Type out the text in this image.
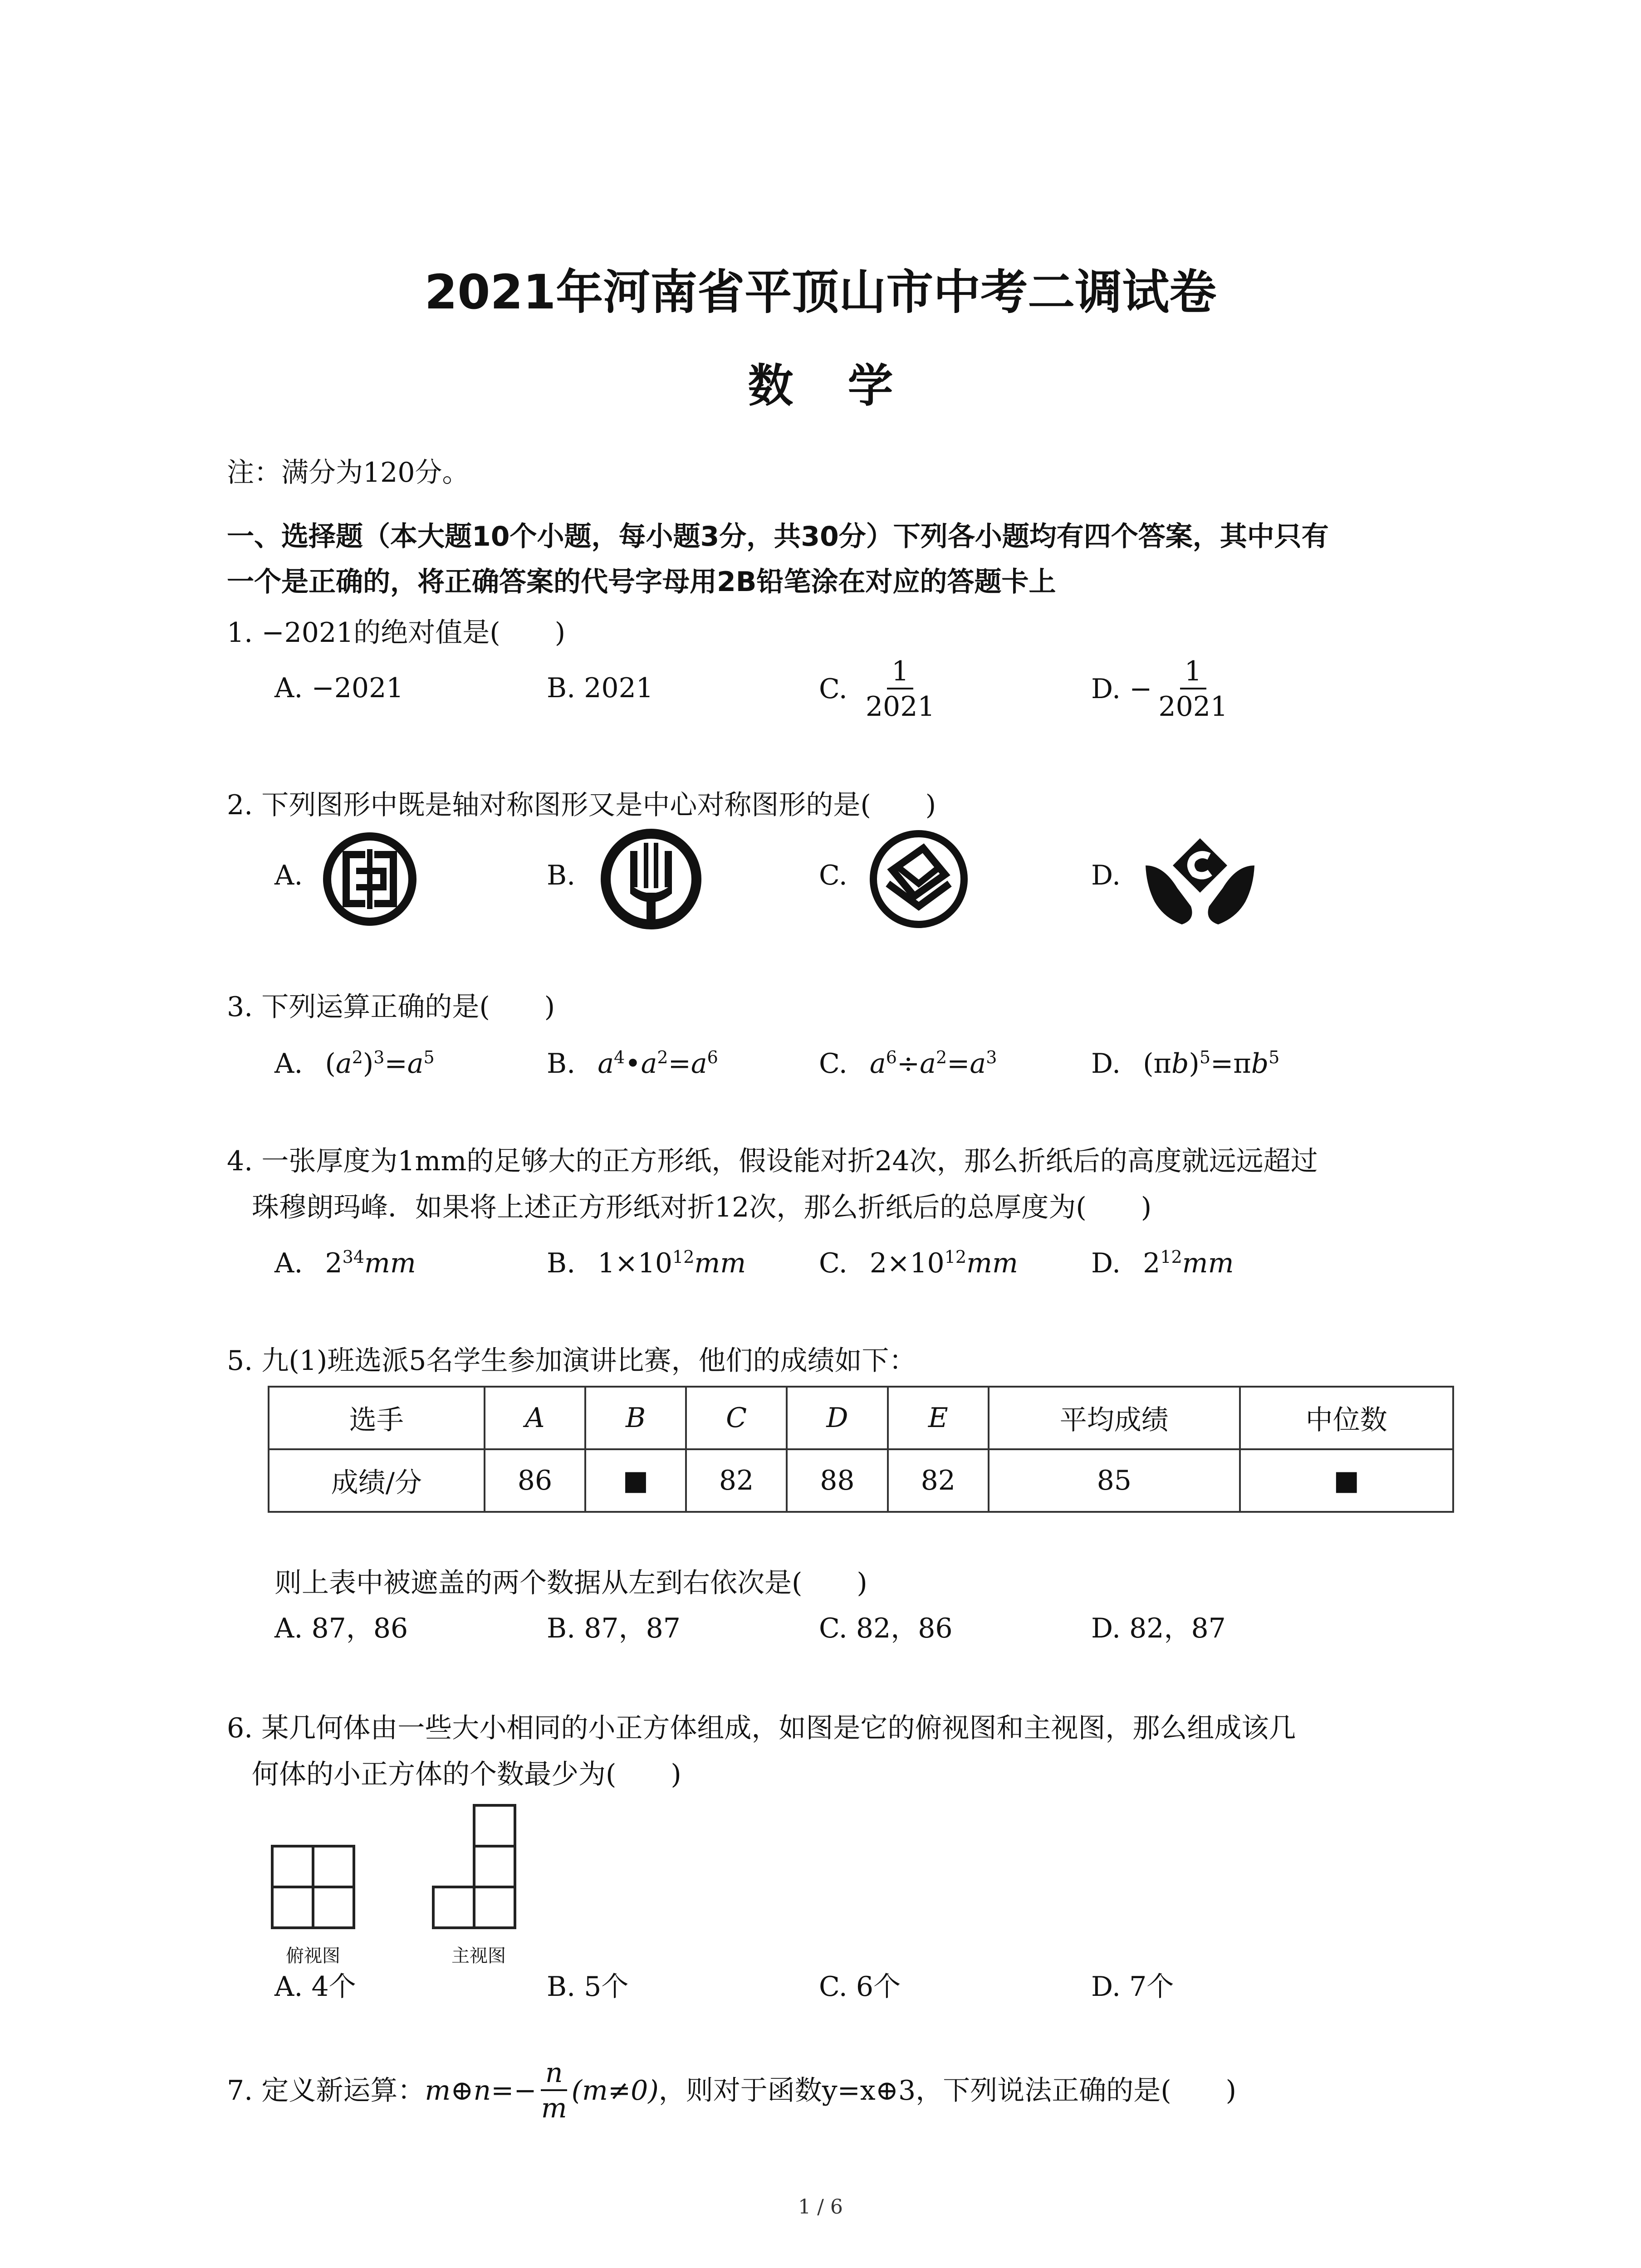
2021年河南省平顶山市中考二调试卷
数学
注：满分为120分。
一、选择题（本大题10个小题，每小题3分，共30分）下列各小题均有四个答案，其中只有
一个是正确的，将正确答案的代号字母用2B铅笔涂在对应的答题卡上
1. −2021的绝对值是(　　)
A. −2021	B. 2021	C. $\frac{1}{2021}$	D. − $\frac{1}{2021}$
2. 下列图形中既是轴对称图形又是中心对称图形的是(　　)
A.	B.	C.	D.
3. 下列运算正确的是(　　)
A. $(a^2)^3=a^5$	B. $a^4•a^2=a^6$	C. $a^6\div a^2=a^3$	D. $(\pi b)^5=\pi b^5$
4. 一张厚度为1mm的足够大的正方形纸，假设能对折24次，那么折纸后的高度就远远超过
珠穆朗玛峰．如果将上述正方形纸对折12次，那么折纸后的总厚度为(　　)
A. $2^{34}mm$	B. $1\times 10^{12}mm$	C. $2\times 10^{12}mm$	D. $2^{12}mm$
5. 九(1)班选派5名学生参加演讲比赛，他们的成绩如下：
选手	A	B	C	D	E	平均成绩	中位数
成绩/分	86	■	82	88	82	85	■
则上表中被遮盖的两个数据从左到右依次是(　　)
A. 87，86	B. 87，87	C. 82，86	D. 82，87
6. 某几何体由一些大小相同的小正方体组成，如图是它的俯视图和主视图，那么组成该几
何体的小正方体的个数最少为(　　)
俯视图	主视图
A. 4个	B. 5个	C. 6个	D. 7个
7. 定义新运算： m⊕n=− $\frac{n}{m} (m\ne 0)$ ，则对于函数y=x⊕3，下列说法正确的是(　　)
1 / 6
